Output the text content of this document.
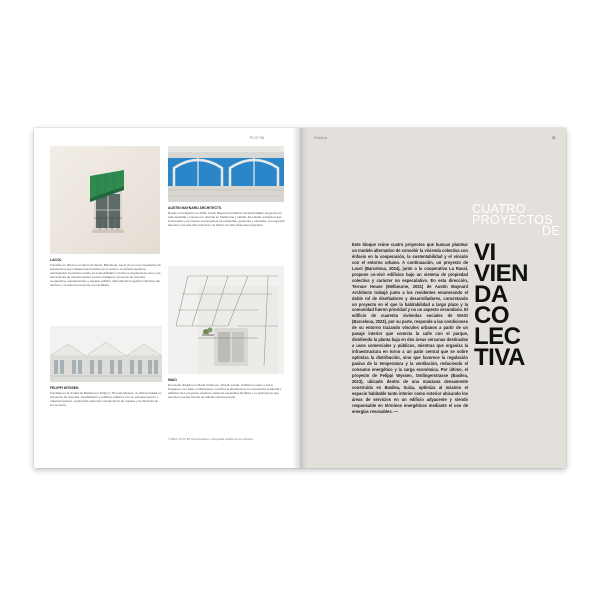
PLOT 98
AUSTIN MAYNARD ARCHITECTS
Desde su fundación en 2002, Austin Maynard Architects ha desarrollado proyectos en toda Australia y cuenta con oficinas en Melbourne y Hobart. El estudio rechaza el lujo innecesario y promueve una arquitectura sostenible, generosa y optimista, con especial atención a la vivienda colectiva y al diseño de alta eficiencia energética.
LACOL
Fundada en 2014 en el barrio de Sants, Barcelona, Lacol (1) es una cooperativa de arquitectura que trabaja para transformar el entorno construido desde la participación, la justicia social y la sostenibilidad. Concibe la arquitectura como una herramienta de transformación social y trabaja en procesos de vivienda cooperativa, equipamientos y espacio público, defendiendo la gestión colectiva del territorio y la autonomía de las comunidades.
MAIO
El estudio dirigido por Maria Charneco, Alfredo Lérida, Guillermo López y Anna Puigjaner, con base en Barcelona, combina la arquitectura con la práctica curatorial y editorial. Sus proyectos exploran sistemas espaciales flexibles y no jerárquicos que permiten nuevas formas de habitar colectivamente.
© MAIO / PLOT 98. Documentación y fotografías cedidas por los estudios.
FELIPPI WYSSEN
Fundada en la ciudad de Basilea por Felippi y Thomas Wyssen, la oficina trabaja en proyectos de vivienda, rehabilitación y edificios públicos con un enfoque técnico y material riguroso, explorando sistemas constructivos de madera y la eficiencia de los recursos.
Práctica	31
CUATRO
PROYECTOS
DE
VI
VIEN
DA
CO
LEC
TIVA
Este bloque reúne cuatro proyectos que buscan plantear un modelo alternativo de concebir la vivienda colectiva con énfasis en la cooperación, la sustentabilidad y el vínculo con el entorno urbano. A continuación, un proyecto de Lacol (Barcelona, 2024), junto a la cooperativa La Raval, propone co-vivir edificios bajo un sistema de propiedad colectiva y carácter no especulativo. En esta dirección, Terrace House (Melbourne, 2021) de Austin Maynard Architects trabajó junto a los residentes enumerando el doble rol de diseñadores y desarrolladores, concretando un proyecto en el que la habitabilidad a largo plazo y la comunidad fueron prioridad y no un aspecto secundario. El edificio de cuarenta viviendas sociales de MAIO (Barcelona, 2023), por su parte, responde a las condiciones de su entorno trazando vínculos urbanos a partir de un pasaje interior que conecta la calle con el parque, dividiendo la planta baja en dos áreas cercanas destinadas a usos comerciales y públicos, mientras que organiza la infraestructura en torno a un patio central que se sobre optimiza la distribución, sino que favorece la regulación pasiva de la temperatura y la ventilación, reduciendo el consumo energético y la carga económica. Por último, el proyecto de Felippi Wyssen, Ostlingerstrasse (Basilea, 2023), ubicado dentro de una manzana densamente construida en Basilea, Suiza, optimiza al máximo el espacio habitable tanto interior como exterior ubicando los áreas de servicios en un edificio adyacente y siendo responsable en términos energéticos mediante el uso de energías renovables. —
